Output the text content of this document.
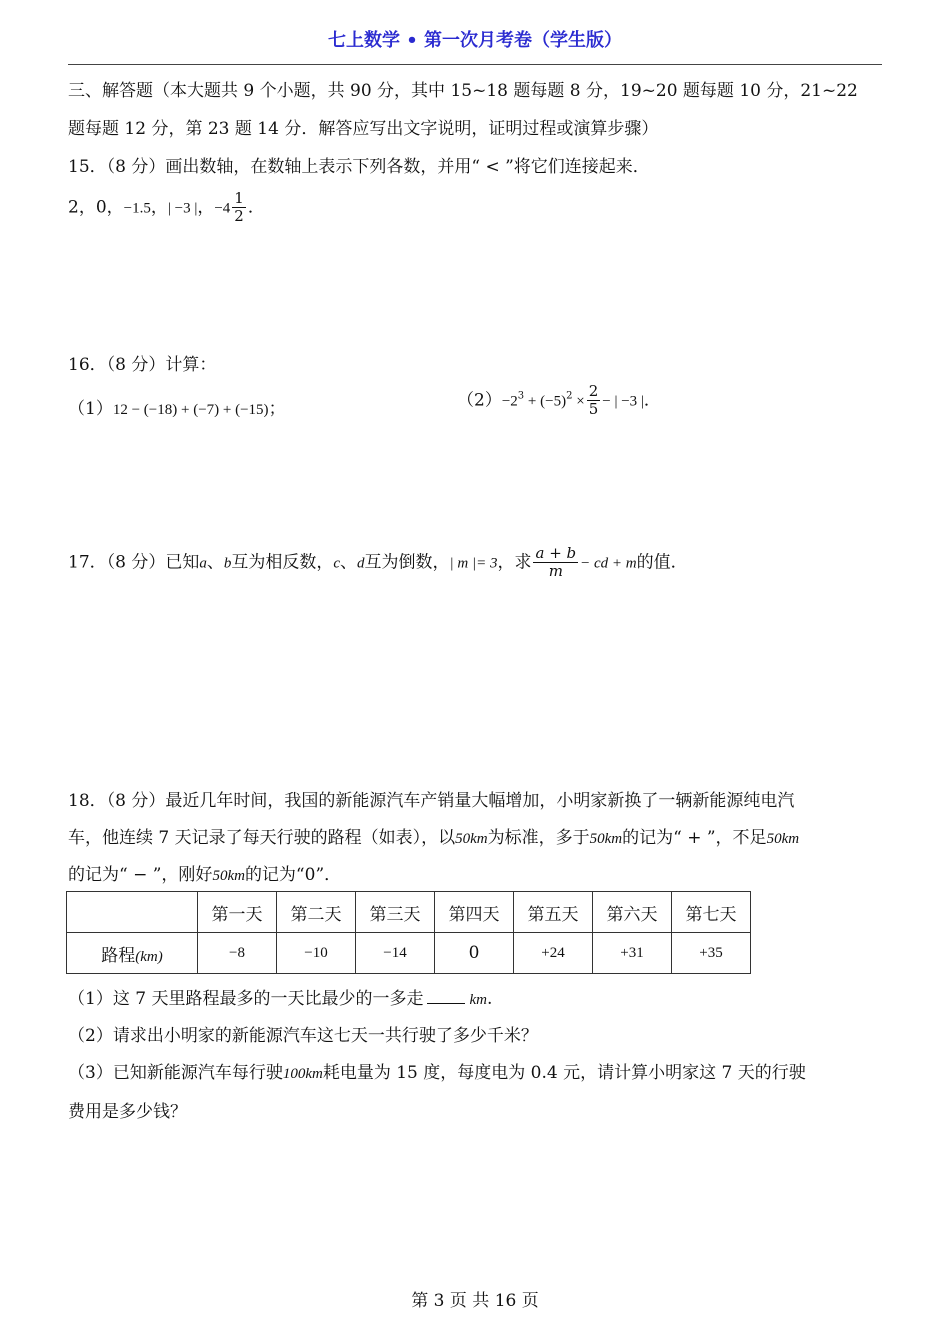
七上数学 • 第一次月考卷（学生版）
三、解答题（本大题共 9 个小题，共 90 分，其中 15~18 题每题 8 分，19~20 题每题 10 分，21~22
题每题 12 分，第 23 题 14 分．解答应写出文字说明，证明过程或演算步骤）
15．（8 分）画出数轴，在数轴上表示下列各数，并用“ < ”将它们连接起来．
2，0，−1.5，| −3 |，$-4 \frac{1}{2}$ ．
16．（8 分）计算：
（1）12 − (−18) + (−7) + (−15)；	$(2)-2^3 + (-5)^2 \times \frac{2}{5}$ − | −3 |．
17．（8 分）已知a、b互为相反数，c、d互为倒数，| m |= 3，求 $\frac{a + b}{m}$ − cd + m的值．
18．（8 分）最近几年时间，我国的新能源汽车产销量大幅增加，小明家新换了一辆新能源纯电汽
车，他连续 7 天记录了每天行驶的路程（如表），以50km为标准，多于50km的记为“ + ”，不足50km
的记为“ − ”，刚好50km的记为“0”．
	第一天	第二天	第三天	第四天	第五天	第六天	第七天
路程(km)	−8	−10	−14	0	+24	+31	+35
（1）这 7 天里路程最多的一天比最少的一多走	km.
（2）请求出小明家的新能源汽车这七天一共行驶了多少千米？
（3）已知新能源汽车每行驶100km耗电量为 15 度，每度电为 0.4 元，请计算小明家这 7 天的行驶
费用是多少钱？
第 3 页 共 16 页
